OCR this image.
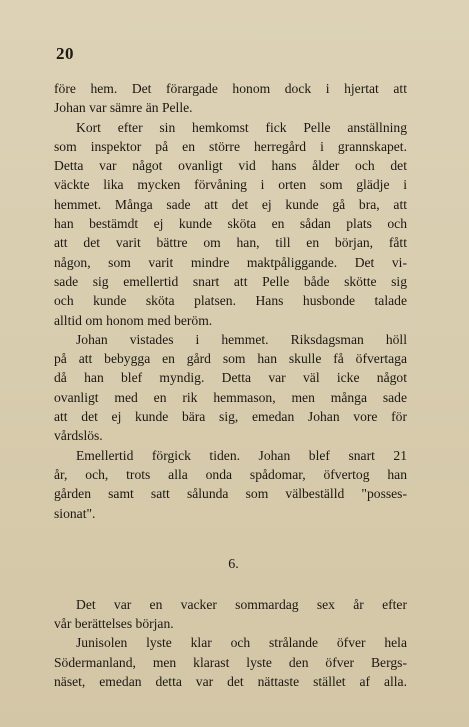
20
före hem. Det förargade honom dock i hjertat att
Johan var sämre än Pelle.
Kort efter sin hemkomst fick Pelle anställning
som inspektor på en större herregård i grannskapet.
Detta var något ovanligt vid hans ålder och det
väckte lika mycken förvåning i orten som glädje i
hemmet. Många sade att det ej kunde gå bra, att
han bestämdt ej kunde sköta en sådan plats och
att det varit bättre om han, till en början, fått
någon, som varit mindre maktpåliggande. Det vi-
sade sig emellertid snart att Pelle både skötte sig
och kunde sköta platsen. Hans husbonde talade
alltid om honom med beröm.
Johan vistades i hemmet. Riksdagsman höll
på att bebygga en gård som han skulle få öfvertaga
då han blef myndig. Detta var väl icke något
ovanligt med en rik hemmason, men många sade
att det ej kunde bära sig, emedan Johan vore för
vårdslös.
Emellertid förgick tiden. Johan blef snart 21
år, och, trots alla onda spådomar, öfvertog han
gården samt satt sålunda som välbeställd "posses-
sionat".
6.
Det var en vacker sommardag sex år efter
vår berättelses början.
Junisolen lyste klar och strålande öfver hela
Södermanland, men klarast lyste den öfver Bergs-
näset, emedan detta var det nättaste stället af alla.
